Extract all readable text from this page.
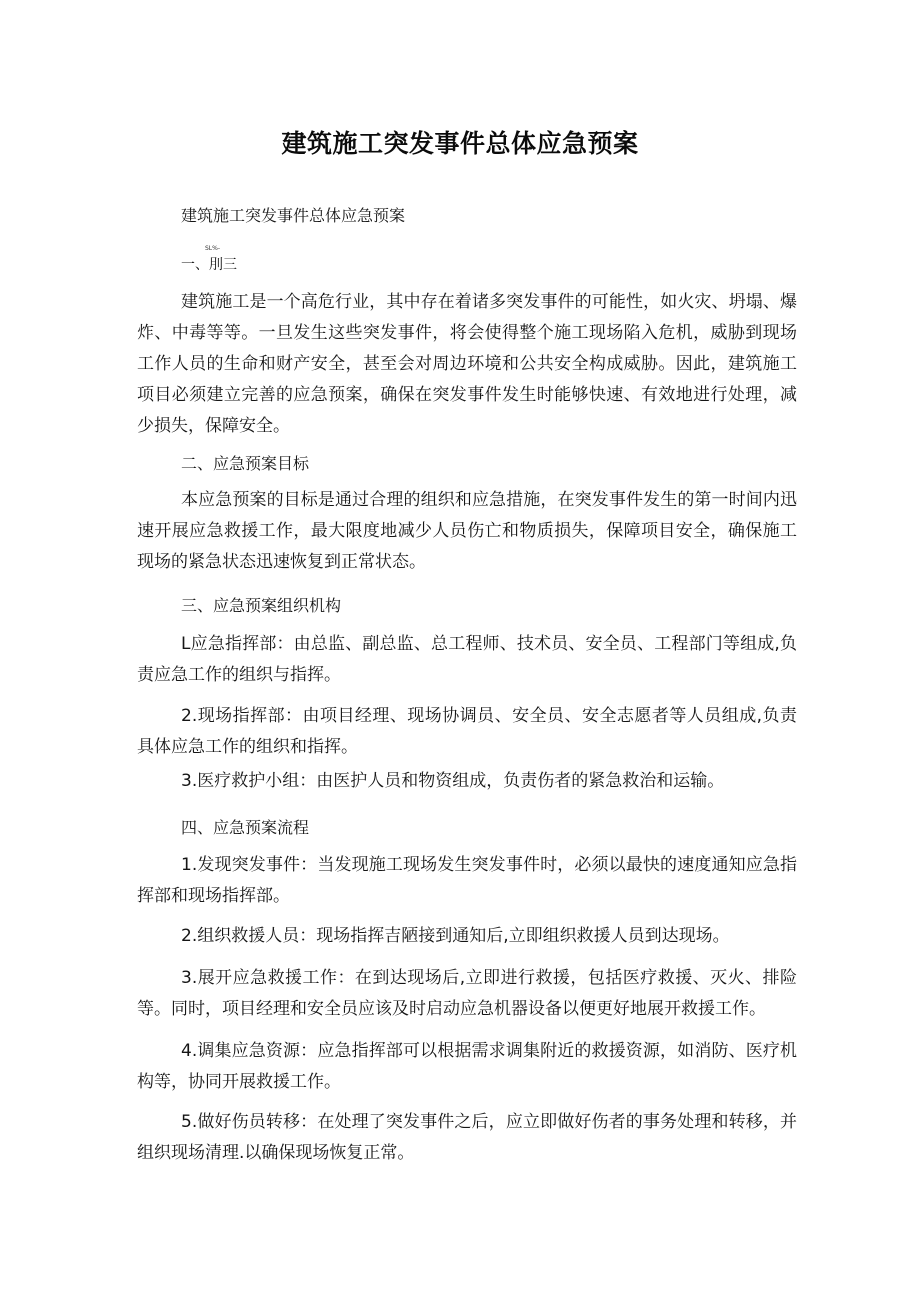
建筑施工突发事件总体应急预案
建筑施工突发事件总体应急预案
一、刖三
SL%-
建筑施工是一个高危行业，其中存在着诸多突发事件的可能性，如火灾、坍塌、爆炸、中毒等等。一旦发生这些突发事件，将会使得整个施工现场陷入危机，威胁到现场工作人员的生命和财产安全，甚至会对周边环境和公共安全构成威胁。因此，建筑施工项目必须建立完善的应急预案，确保在突发事件发生时能够快速、有效地进行处理，减少损失，保障安全。
二、应急预案目标
本应急预案的目标是通过合理的组织和应急措施，在突发事件发生的第一时间内迅速开展应急救援工作，最大限度地减少人员伤亡和物质损失，保障项目安全，确保施工现场的紧急状态迅速恢复到正常状态。
三、应急预案组织机构
L应急指挥部：由总监、副总监、总工程师、技术员、安全员、工程部门等组成,负责应急工作的组织与指挥。
2.现场指挥部：由项目经理、现场协调员、安全员、安全志愿者等人员组成,负责具体应急工作的组织和指挥。
3.医疗救护小组：由医护人员和物资组成，负责伤者的紧急救治和运输。
四、应急预案流程
1.发现突发事件：当发现施工现场发生突发事件时，必须以最快的速度通知应急指挥部和现场指挥部。
2.组织救援人员：现场指挥吉陋接到通知后,立即组织救援人员到达现场。
3.展开应急救援工作：在到达现场后,立即进行救援，包括医疗救援、灭火、排险等。同时，项目经理和安全员应该及时启动应急机器设备以便更好地展开救援工作。
4.调集应急资源：应急指挥部可以根据需求调集附近的救援资源，如消防、医疗机构等，协同开展救援工作。
5.做好伤员转移：在处理了突发事件之后，应立即做好伤者的事务处理和转移，并组织现场清理.以确保现场恢复正常。
